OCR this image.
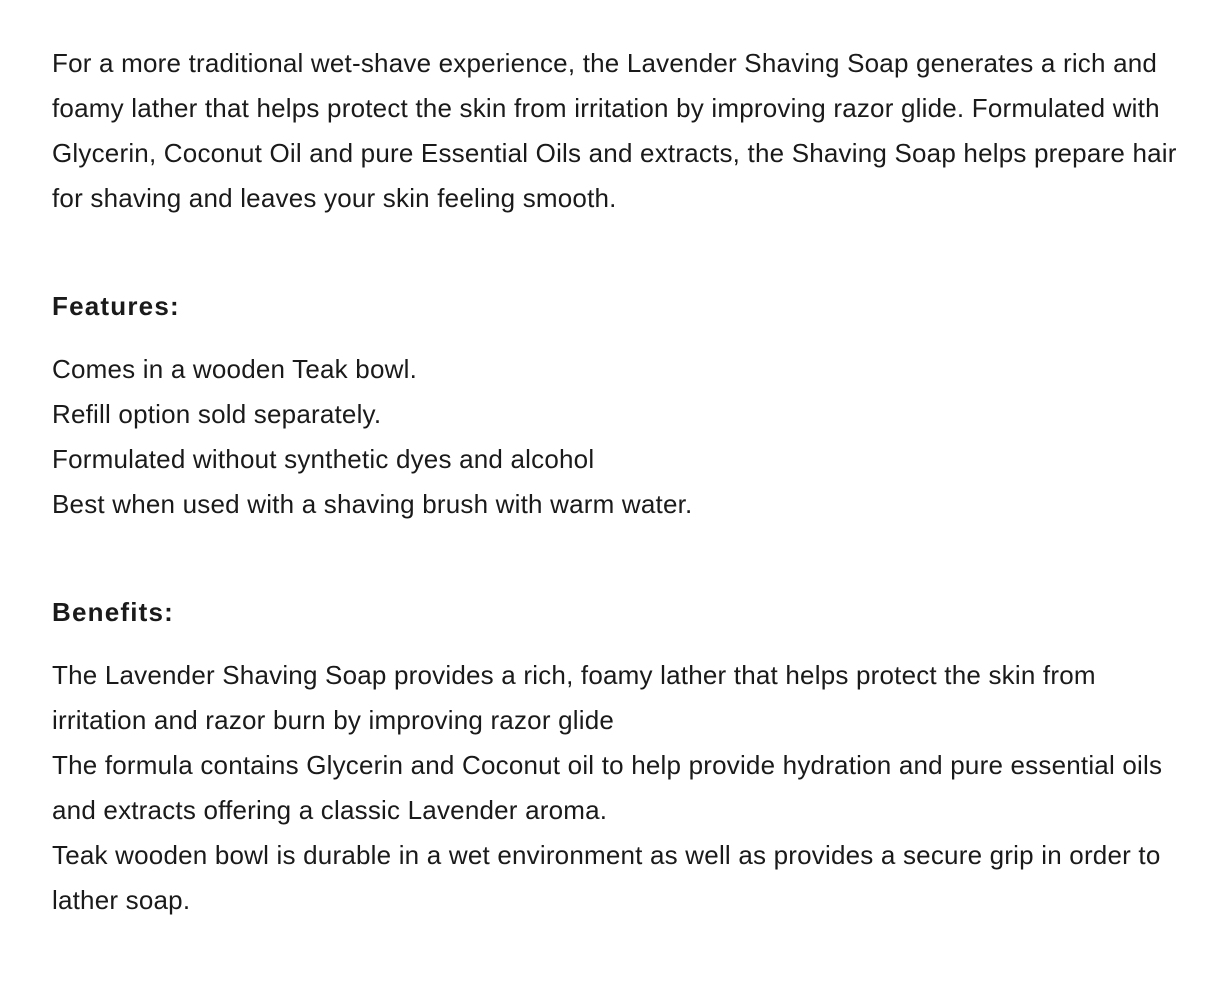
For a more traditional wet-shave experience, the Lavender Shaving Soap generates a rich and foamy lather that helps protect the skin from irritation by improving razor glide. Formulated with Glycerin, Coconut Oil and pure Essential Oils and extracts, the Shaving Soap helps prepare hair for shaving and leaves your skin feeling smooth.

Features:
Comes in a wooden Teak bowl.
Refill option sold separately.
Formulated without synthetic dyes and alcohol
Best when used with a shaving brush with warm water.
Benefits:
The Lavender Shaving Soap provides a rich, foamy lather that helps protect the skin from irritation and razor burn by improving razor glide
The formula contains Glycerin and Coconut oil to help provide hydration and pure essential oils and extracts offering a classic Lavender aroma.
Teak wooden bowl is durable in a wet environment as well as provides a secure grip in order to lather soap.
